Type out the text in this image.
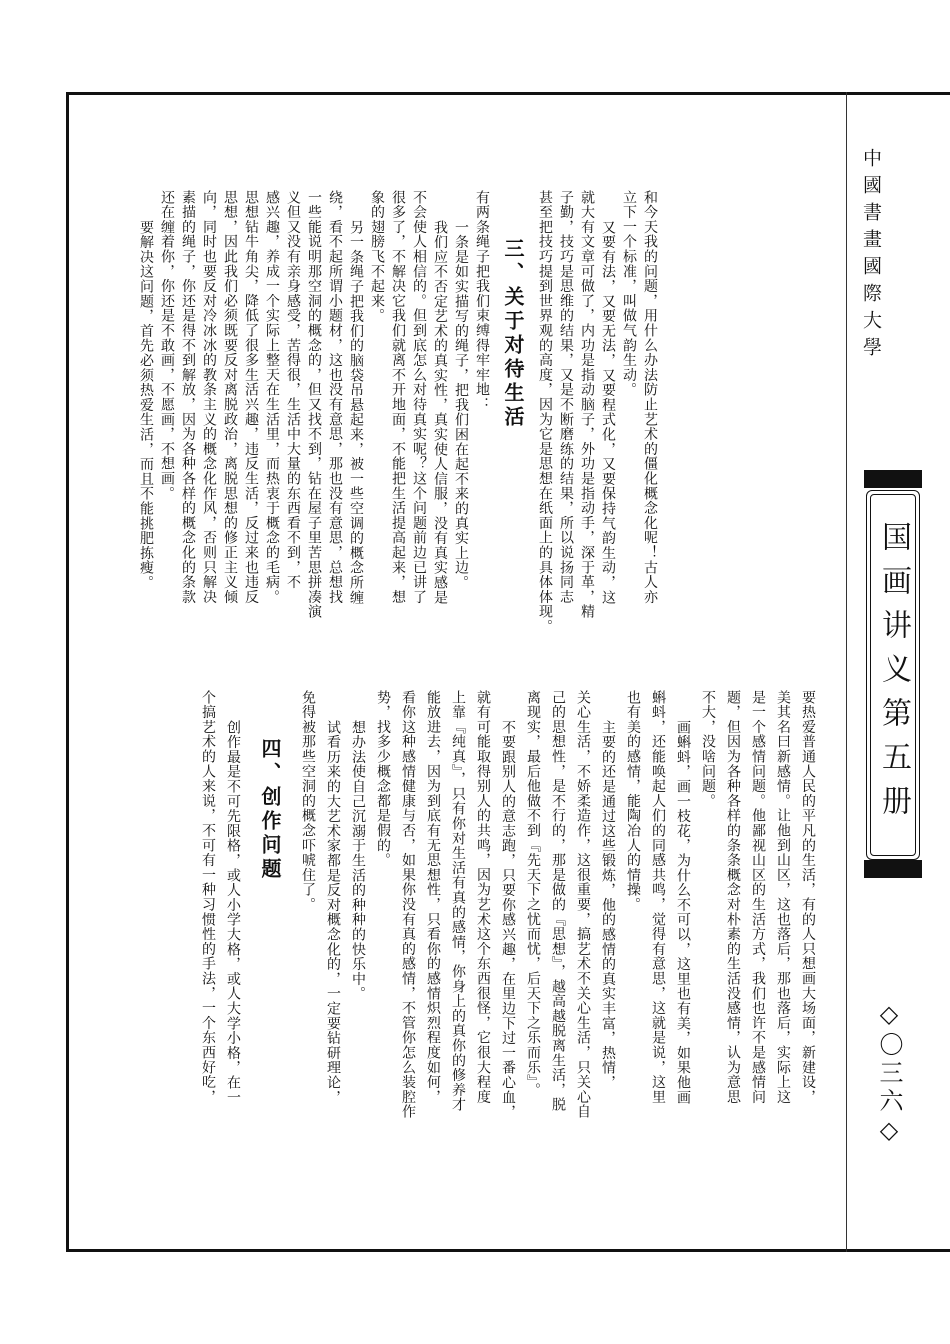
中國書畫國際大學
国画讲义第五册
◇〇三六◇
和今天我的问题，用什么办法防止艺术的僵化概念化呢！古人亦
立下一个标准，叫做气韵生动。
又要有法，又要无法，又要程式化，又要保持气韵生动，这
就大有文章可做了，内功是指动脑子，外功是指动手，深于革，精
子勤，技巧是思维的结果，又是不断磨练的结果，所以说扬同志
甚至把技巧提到世界观的高度，因为它是思想在纸面上的具体体现。
三、关于对待生活
有两条绳子把我们束缚得牢牢地：
一条是如实描写的绳子，把我们困在起不来的真实上边。
我们应不否定艺术的真实性，真实使人信服，没有真实感是
不会使人相信的。但到底怎么对待真实呢？这个问题前边已讲了
很多了，不解决它我们就离不开地面，不能把生活提高起来，想
象的翅膀飞不起来。
另一条绳子把我们的脑袋吊悬起来，被一些空调的概念所缠
绕，看不起所谓小题材，这也没有意思，那也没有意思，总想找
一些能说明那空洞的概念的，但又找不到，钻在屋子里苦思拼凑演
义但又没有亲身感受，苦得很，生活中大量的东西看不到，不
感兴趣，养成一个实际上整天在生活里，而热衷于概念的毛病。
思想钻牛角尖，降低了很多生活兴趣，违反生活，反过来也违反
思想，因此我们必须既要反对离脱政治，离脱思想的修正主义倾
向，同时也要反对冷冰冰的教条主义的概念化作风，否则只解决
素描的绳子，你还是得不到解放，因为各种各样的概念化的条款
还在缠着你，你还是不敢画，不愿画，不想画。
要解决这问题，首先必须热爱生活，而且不能挑肥拣瘦。
要热爱普通人民的平凡的生活，有的人只想画大场面，新建设，
美其名曰新感情。让他到山区，这也落后，那也落后，实际上这
是一个感情问题。他鄙视山区的生活方式，我们也许不是感情问
题，但因为各种各样的条条概念对朴素的生活没感情，认为意思
不大，没啥问题。
画蝌蚪，画一枝花，为什么不可以，这里也有美，如果他画
蝌蚪，还能唤起人们的同感共鸣，觉得有意思，这就是说，这里
也有美的感情，能陶冶人的情操。
主要的还是通过这些锻炼，他的感情的真实丰富，热情，
关心生活，不娇柔造作，这很重要，搞艺术不关心生活，只关心自
己的思想性，是不行的，那是做的『思想』，越高越脱离生活，脱
离现实，最后他做不到『先天下之忧而忧，后天下之乐而乐』。
不要跟别人的意志跑，只要你感兴趣，在里边下过一番心血，
就有可能取得别人的共鸣，因为艺术这个东西很怪，它很大程度
上靠『纯真』，只有你对生活有真的感情，你身上的真你的修养才
能放进去，因为到底有无思想性，只看你的感情炽烈程度如何，
看你这种感情健康与否，如果你没有真的感情，不管你怎么装腔作
势，找多少概念都是假的。
想办法使自己沉溺于生活的种种的快乐中。
试看历来的大艺术家都是反对概念化的，一定要钻研理论，
免得被那些空洞的概念吓唬住了。
四、创作问题
创作最是不可先限格，或人小学大格，或人大学小格，在一
个搞艺术的人来说，不可有一种习惯性的手法，一个东西好吃，
